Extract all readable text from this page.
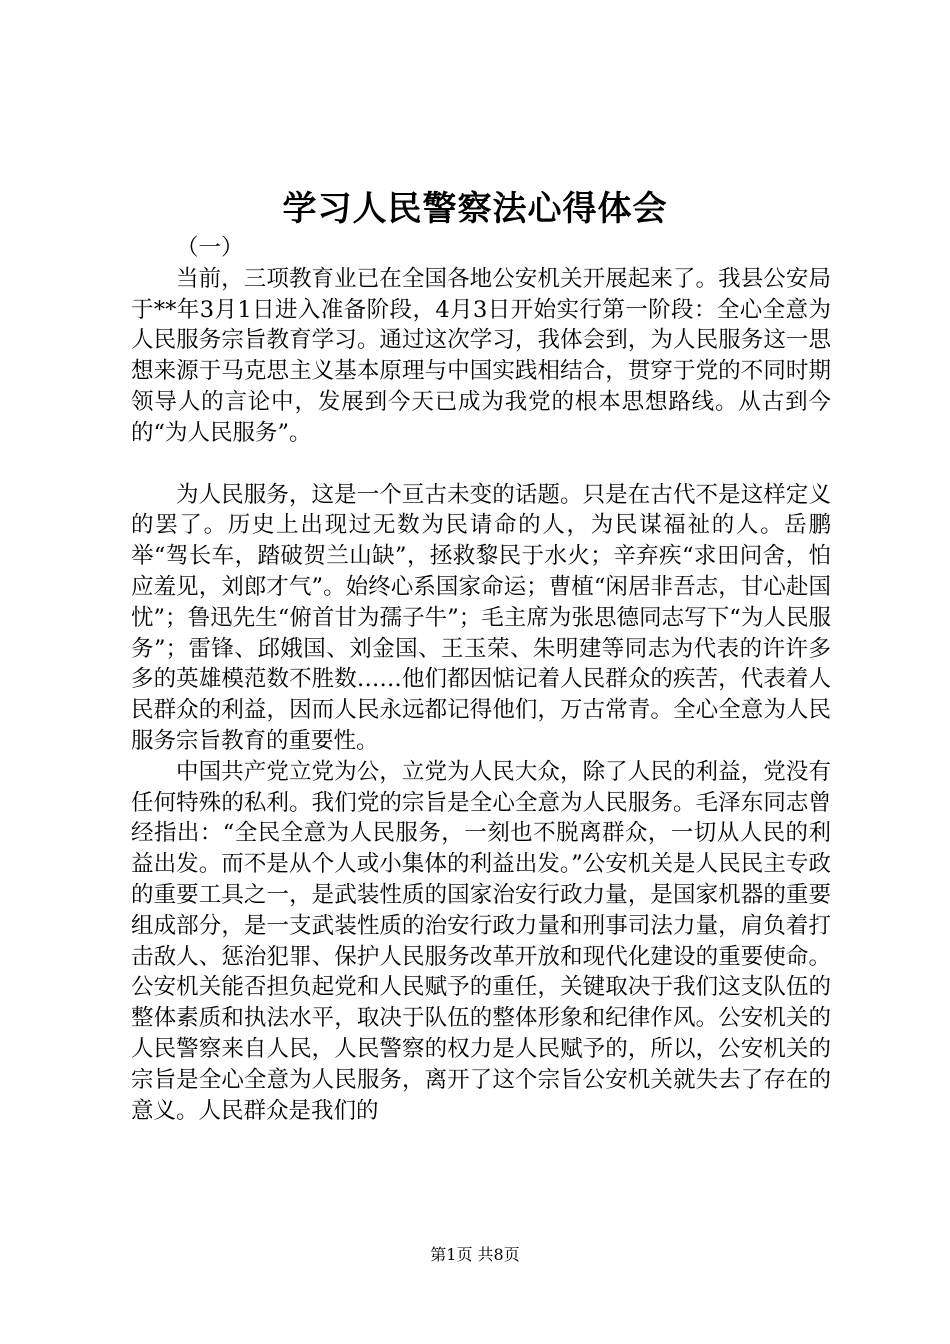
学习人民警察法心得体会

（一）

当前，三项教育业已在全国各地公安机关开展起来了。我县公安局于**年3月1日进入准备阶段，4月3日开始实行第一阶段：全心全意为人民服务宗旨教育学习。通过这次学习，我体会到，为人民服务这一思想来源于马克思主义基本原理与中国实践相结合，贯穿于党的不同时期领导人的言论中，发展到今天已成为我党的根本思想路线。从古到今的“为人民服务”。

为人民服务，这是一个亘古未变的话题。只是在古代不是这样定义的罢了。历史上出现过无数为民请命的人，为民谋福祉的人。岳鹏举“驾长车，踏破贺兰山缺”，拯救黎民于水火；辛弃疾“求田问舍，怕应羞见，刘郎才气”。始终心系国家命运；曹植“闲居非吾志，甘心赴国忧”；鲁迅先生“俯首甘为孺子牛”；毛主席为张思德同志写下“为人民服务”；雷锋、邱娥国、刘金国、王玉荣、朱明建等同志为代表的许许多多的英雄模范数不胜数……他们都因惦记着人民群众的疾苦，代表着人民群众的利益，因而人民永远都记得他们，万古常青。全心全意为人民服务宗旨教育的重要性。

中国共产党立党为公，立党为人民大众，除了人民的利益，党没有任何特殊的私利。我们党的宗旨是全心全意为人民服务。毛泽东同志曾经指出：“全民全意为人民服务，一刻也不脱离群众，一切从人民的利益出发。而不是从个人或小集体的利益出发。”公安机关是人民民主专政的重要工具之一，是武装性质的国家治安行政力量，是国家机器的重要组成部分，是一支武装性质的治安行政力量和刑事司法力量，肩负着打击敌人、惩治犯罪、保护人民服务改革开放和现代化建设的重要使命。公安机关能否担负起党和人民赋予的重任，关键取决于我们这支队伍的整体素质和执法水平，取决于队伍的整体形象和纪律作风。公安机关的人民警察来自人民，人民警察的权力是人民赋予的，所以，公安机关的宗旨是全心全意为人民服务，离开了这个宗旨公安机关就失去了存在的意义。人民群众是我们的

第1页 共8页
